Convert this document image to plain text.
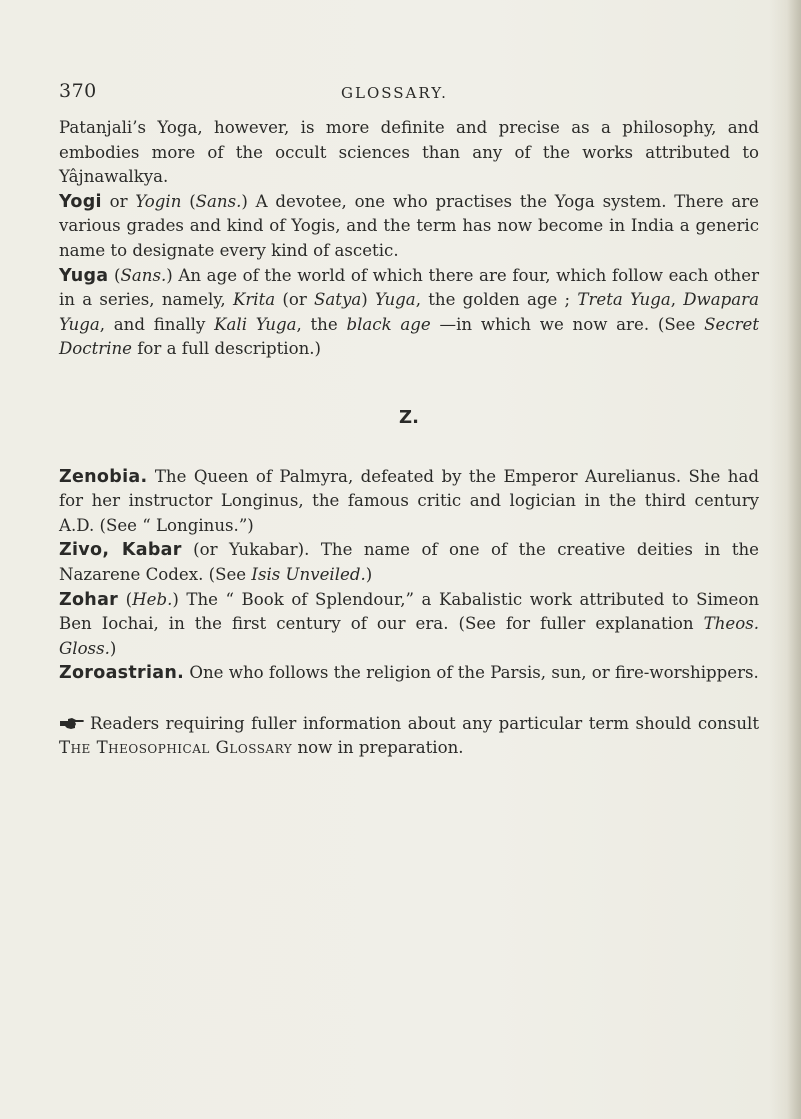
370	GLOSSARY.

Patanjali’s Yoga, however, is more definite and precise as a philosophy, and embodies more of the occult sciences than any of the works attributed to Yâjnawalkya.

Yogi or Yogin (Sans.) A devotee, one who practises the Yoga system. There are various grades and kind of Yogis, and the term has now become in India a generic name to designate every kind of ascetic.

Yuga (Sans.) An age of the world of which there are four, which follow each other in a series, namely, Krita (or Satya) Yuga, the golden age ; Treta Yuga, Dwapara Yuga, and finally Kali Yuga, the black age —in which we now are. (See Secret Doctrine for a full description.)

Z.

Zenobia. The Queen of Palmyra, defeated by the Emperor Aurelianus. She had for her instructor Longinus, the famous critic and logician in the third century A.D. (See “ Longinus.”)

Zivo, Kabar (or Yukabar). The name of one of the creative deities in the Nazarene Codex. (See Isis Unveiled.)

Zohar (Heb.) The “ Book of Splendour,” a Kabalistic work attributed to Simeon Ben Iochai, in the first century of our era. (See for fuller explanation Theos. Gloss.)

Zoroastrian. One who follows the religion of the Parsis, sun, or fire-worshippers.

Readers requiring fuller information about any particular term should consult The Theosophical Glossary now in preparation.
